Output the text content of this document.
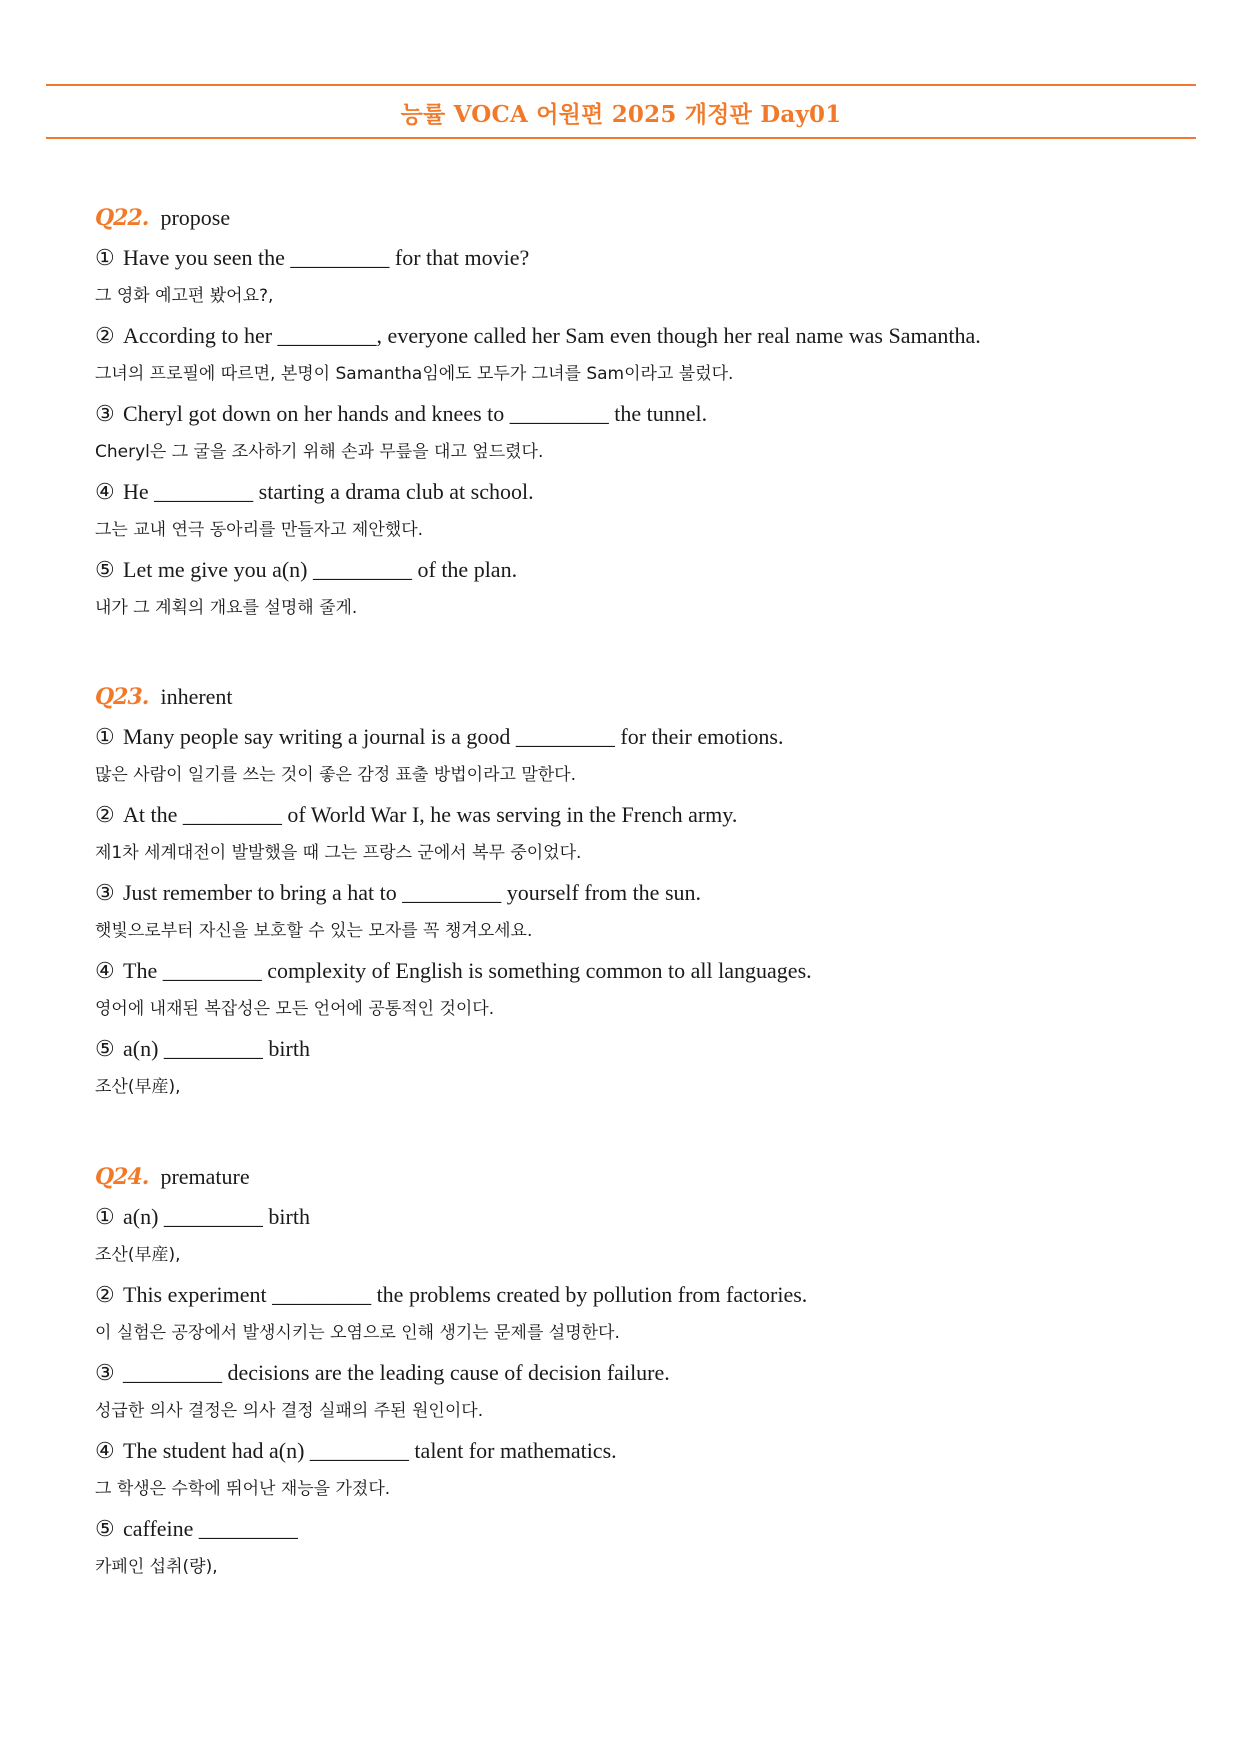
능률 VOCA 어원편 2025 개정판 Day01
Q22. propose
① Have you seen the _________ for that movie?
그 영화 예고편 봤어요?,
② According to her _________, everyone called her Sam even though her real name was Samantha.
그녀의 프로필에 따르면, 본명이 Samantha임에도 모두가 그녀를 Sam이라고 불렀다.
③ Cheryl got down on her hands and knees to _________ the tunnel.
Cheryl은 그 굴을 조사하기 위해 손과 무릎을 대고 엎드렸다.
④ He _________ starting a drama club at school.
그는 교내 연극 동아리를 만들자고 제안했다.
⑤ Let me give you a(n) _________ of the plan.
내가 그 계획의 개요를 설명해 줄게.
Q23. inherent
① Many people say writing a journal is a good _________ for their emotions.
많은 사람이 일기를 쓰는 것이 좋은 감정 표출 방법이라고 말한다.
② At the _________ of World War I, he was serving in the French army.
제1차 세계대전이 발발했을 때 그는 프랑스 군에서 복무 중이었다.
③ Just remember to bring a hat to _________ yourself from the sun.
햇빛으로부터 자신을 보호할 수 있는 모자를 꼭 챙겨오세요.
④ The _________ complexity of English is something common to all languages.
영어에 내재된 복잡성은 모든 언어에 공통적인 것이다.
⑤ a(n) _________ birth
조산(早産),
Q24. premature
① a(n) _________ birth
조산(早産),
② This experiment _________ the problems created by pollution from factories.
이 실험은 공장에서 발생시키는 오염으로 인해 생기는 문제를 설명한다.
③ _________ decisions are the leading cause of decision failure.
성급한 의사 결정은 의사 결정 실패의 주된 원인이다.
④ The student had a(n) _________ talent for mathematics.
그 학생은 수학에 뛰어난 재능을 가졌다.
⑤ caffeine _________
카페인 섭취(량),
